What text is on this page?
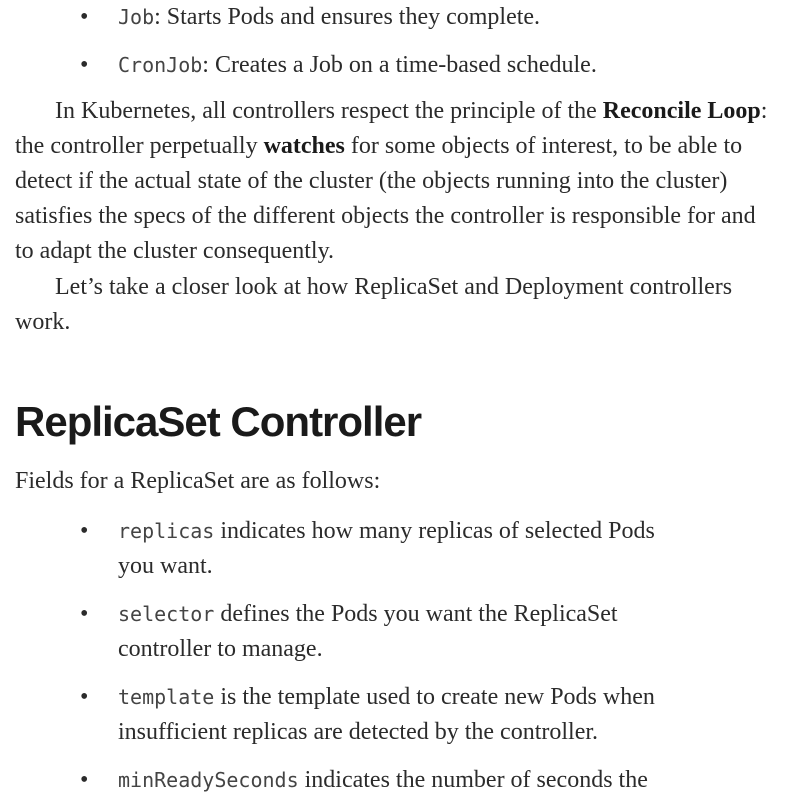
• Job: Starts Pods and ensures they complete.
• CronJob: Creates a Job on a time-based schedule.

In Kubernetes, all controllers respect the principle of the Reconcile Loop: the controller perpetually watches for some objects of interest, to be able to detect if the actual state of the cluster (the objects running into the cluster) satisfies the specs of the different objects the controller is responsible for and to adapt the cluster consequently.

Let’s take a closer look at how ReplicaSet and Deployment controllers work.

ReplicaSet Controller

Fields for a ReplicaSet are as follows:

• replicas indicates how many replicas of selected Pods you want.
• selector defines the Pods you want the ReplicaSet controller to manage.
• template is the template used to create new Pods when insufficient replicas are detected by the controller.
• minReadySeconds indicates the number of seconds the
